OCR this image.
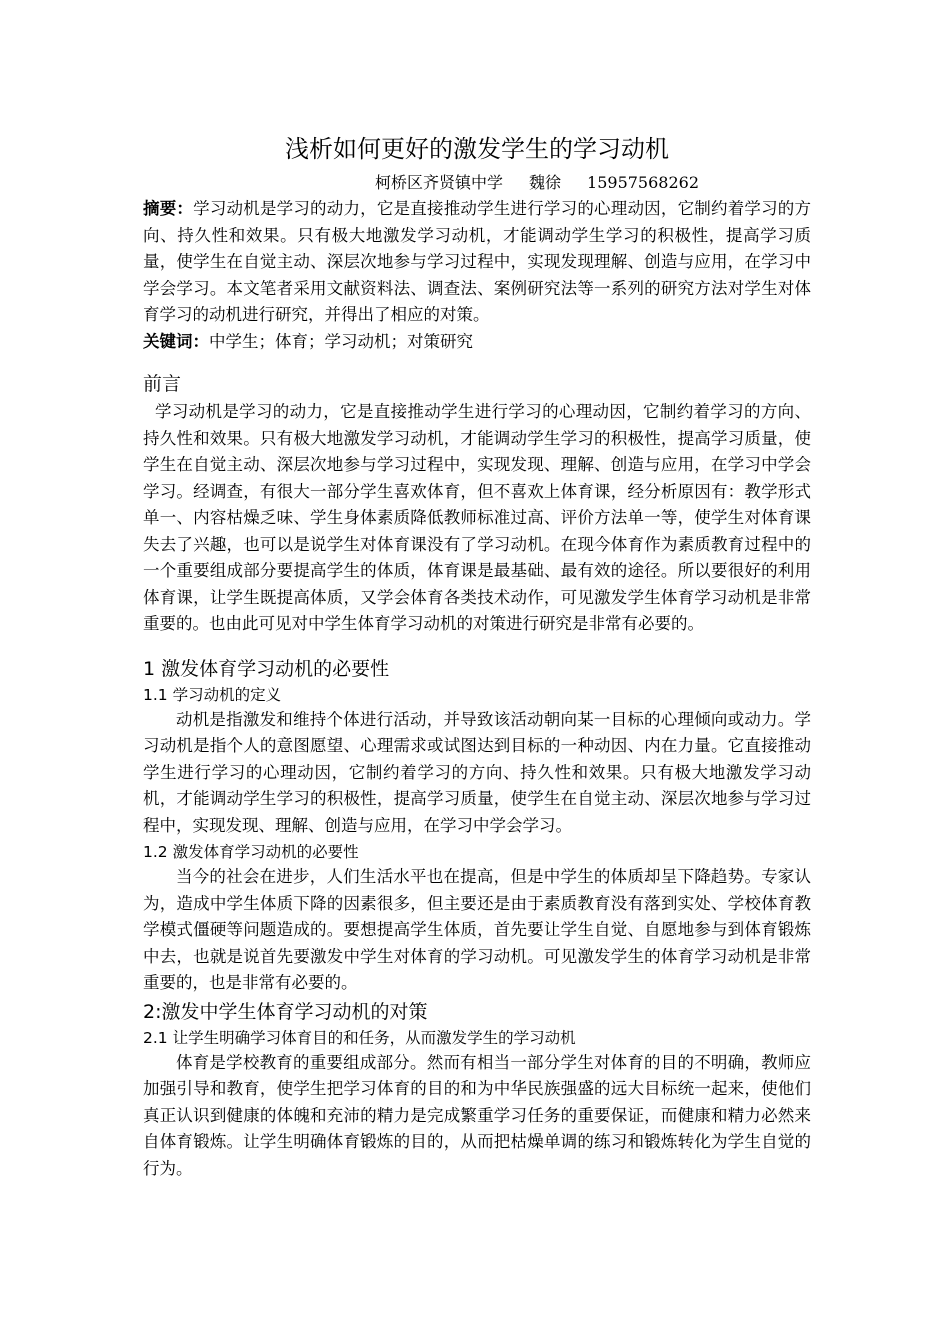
浅析如何更好的激发学生的学习动机
柯桥区齐贤镇中学 魏徐 15957568262

摘要：学习动机是学习的动力，它是直接推动学生进行学习的心理动因，它制约着学习的方向、持久性和效果。只有极大地激发学习动机，才能调动学生学习的积极性，提高学习质量，使学生在自觉主动、深层次地参与学习过程中，实现发现理解、创造与应用，在学习中学会学习。本文笔者采用文献资料法、调查法、案例研究法等一系列的研究方法对学生对体育学习的动机进行研究，并得出了相应的对策。

关键词：中学生；体育；学习动机；对策研究

前言

学习动机是学习的动力，它是直接推动学生进行学习的心理动因，它制约着学习的方向、持久性和效果。只有极大地激发学习动机，才能调动学生学习的积极性，提高学习质量，使学生在自觉主动、深层次地参与学习过程中，实现发现、理解、创造与应用，在学习中学会学习。经调查，有很大一部分学生喜欢体育，但不喜欢上体育课，经分析原因有：教学形式单一、内容枯燥乏味、学生身体素质降低教师标准过高、评价方法单一等，使学生对体育课失去了兴趣，也可以是说学生对体育课没有了学习动机。在现今体育作为素质教育过程中的一个重要组成部分要提高学生的体质，体育课是最基础、最有效的途径。所以要很好的利用体育课，让学生既提高体质，又学会体育各类技术动作，可见激发学生体育学习动机是非常重要的。也由此可见对中学生体育学习动机的对策进行研究是非常有必要的。

1 激发体育学习动机的必要性
1.1 学习动机的定义

动机是指激发和维持个体进行活动，并导致该活动朝向某一目标的心理倾向或动力。学习动机是指个人的意图愿望、心理需求或试图达到目标的一种动因、内在力量。它直接推动学生进行学习的心理动因，它制约着学习的方向、持久性和效果。只有极大地激发学习动机，才能调动学生学习的积极性，提高学习质量，使学生在自觉主动、深层次地参与学习过程中，实现发现、理解、创造与应用，在学习中学会学习。

1.2 激发体育学习动机的必要性

当今的社会在进步，人们生活水平也在提高，但是中学生的体质却呈下降趋势。专家认为，造成中学生体质下降的因素很多，但主要还是由于素质教育没有落到实处、学校体育教学模式僵硬等问题造成的。要想提高学生体质，首先要让学生自觉、自愿地参与到体育锻炼中去，也就是说首先要激发中学生对体育的学习动机。可见激发学生的体育学习动机是非常重要的，也是非常有必要的。

2:激发中学生体育学习动机的对策
2.1 让学生明确学习体育目的和任务，从而激发学生的学习动机

体育是学校教育的重要组成部分。然而有相当一部分学生对体育的目的不明确，教师应加强引导和教育，使学生把学习体育的目的和为中华民族强盛的远大目标统一起来，使他们真正认识到健康的体魄和充沛的精力是完成繁重学习任务的重要保证，而健康和精力必然来自体育锻炼。让学生明确体育锻炼的目的，从而把枯燥单调的练习和锻炼转化为学生自觉的行为。
